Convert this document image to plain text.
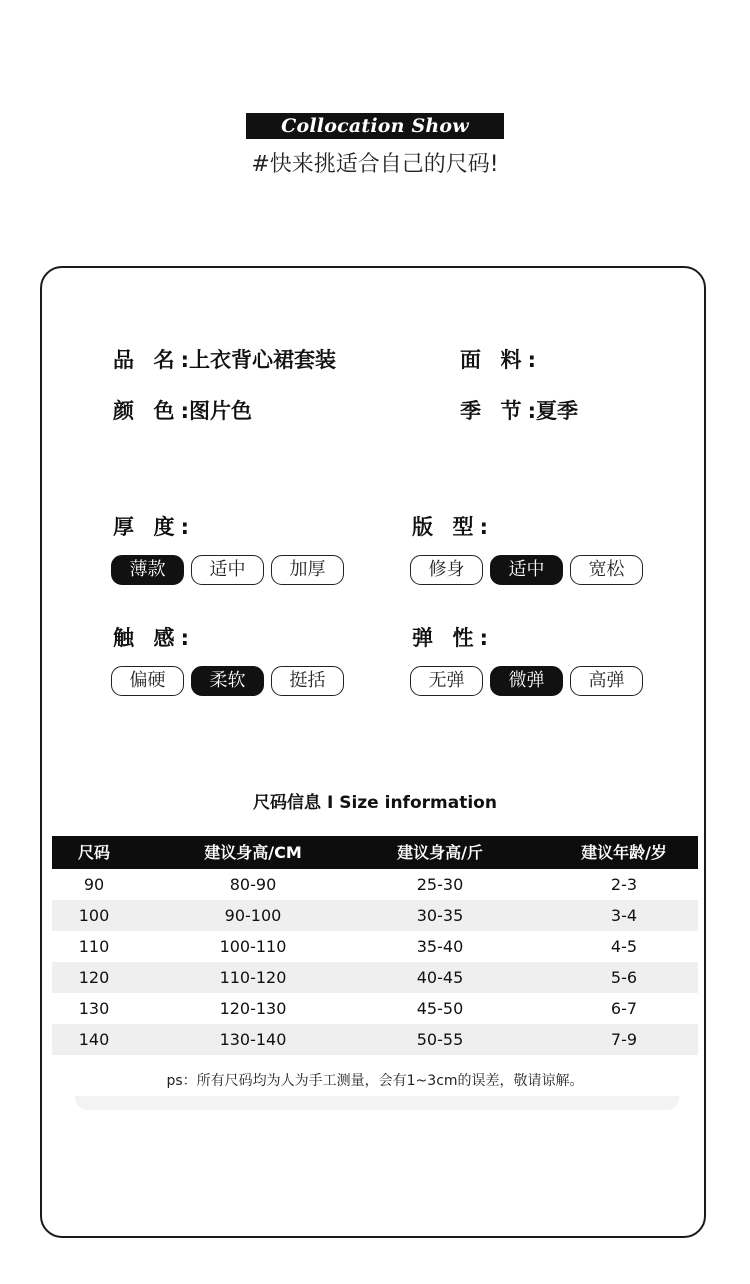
Collocation Show
#快来挑适合自己的尺码!
品 名:上衣背心裙套装	面 料:
颜 色:图片色	季 节:夏季
厚 度:
薄款	适中	加厚
版 型:
修身	适中	宽松
触 感:
偏硬	柔软	挺括
弹 性:
无弹	微弹	高弹
尺码信息 I Size information
尺码	建议身高/CM	建议身高/斤	建议年龄/岁
90	80-90	25-30	2-3
100	90-100	30-35	3-4
110	100-110	35-40	4-5
120	110-120	40-45	5-6
130	120-130	45-50	6-7
140	130-140	50-55	7-9
ps：所有尺码均为人为手工测量，会有1~3cm的误差，敬请谅解。
